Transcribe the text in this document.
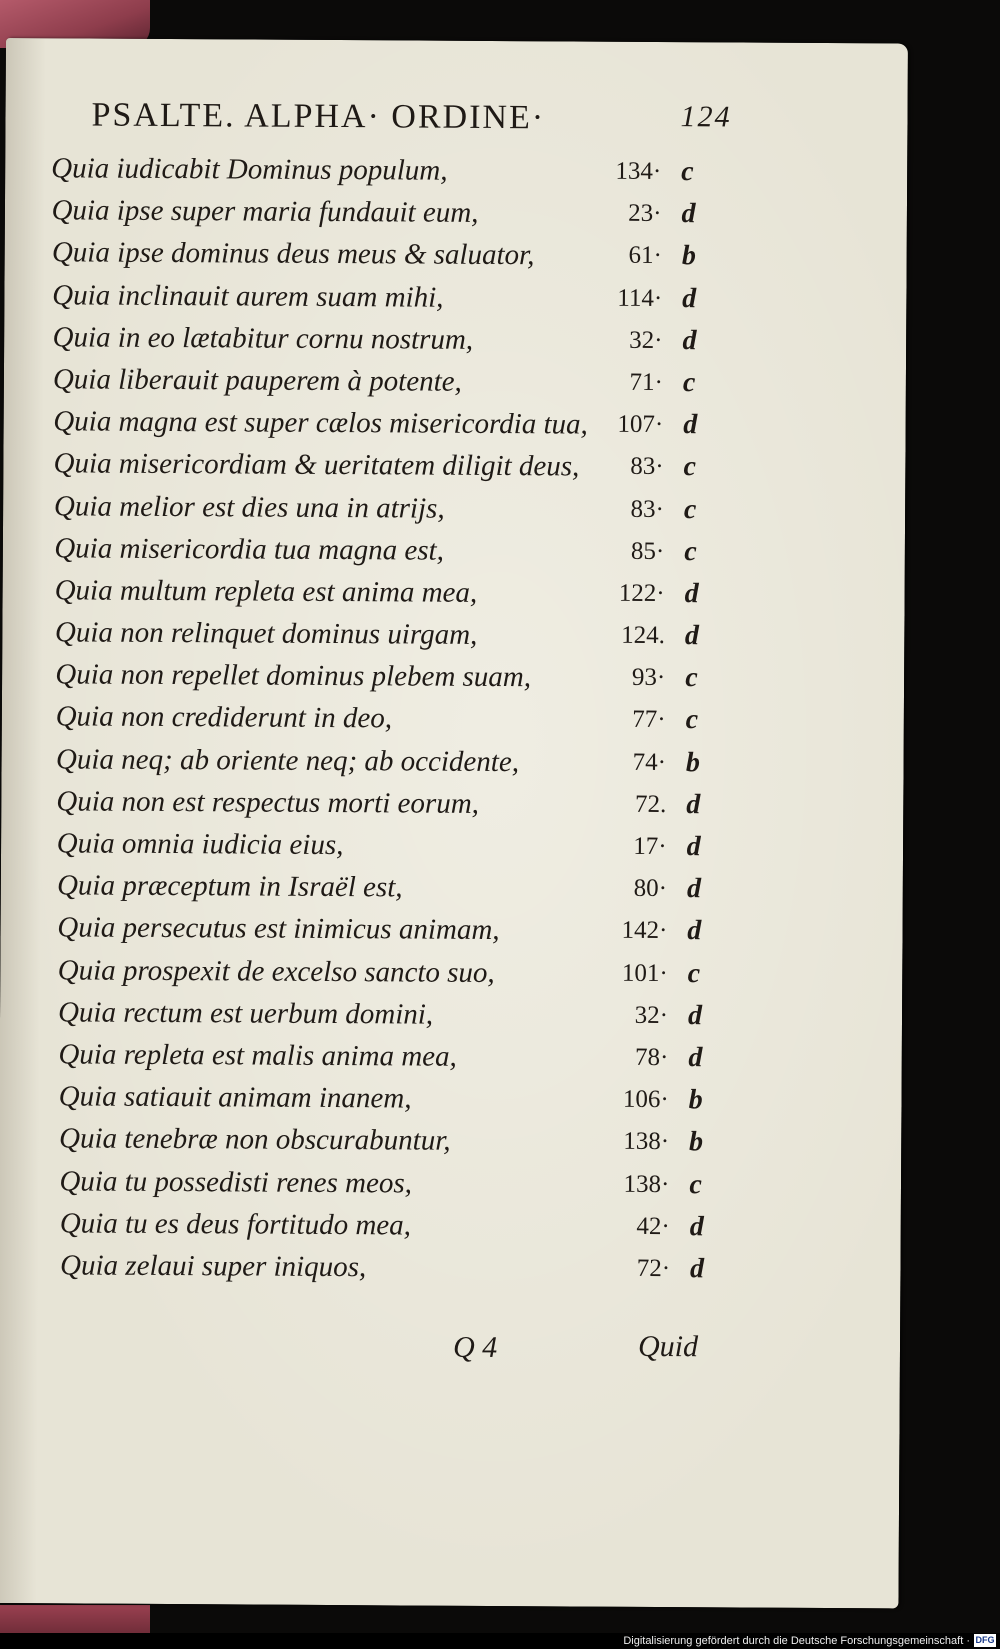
PSALTE. ALPHA· ORDINE·	124
Quia iudicabit Dominus populum,	134· c
Quia ipse super maria fundauit eum,	23· d
Quia ipse dominus deus meus & saluator,	61· b
Quia inclinauit aurem suam mihi,	114· d
Quia in eo lætabitur cornu nostrum,	32· d
Quia liberauit pauperem à potente,	71· c
Quia magna est super cælos misericordia tua,	107· d
Quia misericordiam & ueritatem diligit deus,	83· c
Quia melior est dies una in atrijs,	83· c
Quia misericordia tua magna est,	85· c
Quia multum repleta est anima mea,	122· d
Quia non relinquet dominus uirgam,	124. d
Quia non repellet dominus plebem suam,	93· c
Quia non crediderunt in deo,	77· c
Quia neq; ab oriente neq; ab occidente,	74· b
Quia non est respectus morti eorum,	72. d
Quia omnia iudicia eius,	17· d
Quia præceptum in Israël est,	80· d
Quia persecutus est inimicus animam,	142· d
Quia prospexit de excelso sancto suo,	101· c
Quia rectum est uerbum domini,	32· d
Quia repleta est malis anima mea,	78· d
Quia satiauit animam inanem,	106· b
Quia tenebræ non obscurabuntur,	138· b
Quia tu possedisti renes meos,	138· c
Quia tu es deus fortitudo mea,	42· d
Quia zelaui super iniquos,	72· d
Q 4	Quid
Digitalisierung gefördert durch die Deutsche Forschungsgemeinschaft · DFG
